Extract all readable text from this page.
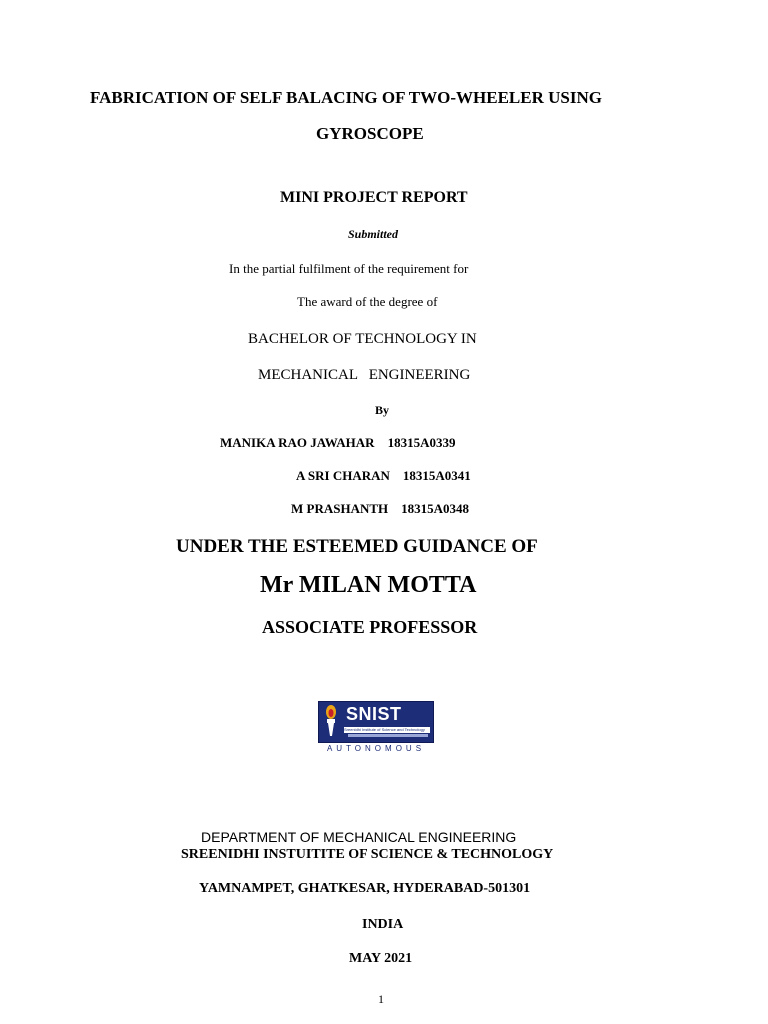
FABRICATION OF SELF BALACING OF TWO-WHEELER USING
GYROSCOPE
MINI PROJECT REPORT
Submitted
In the partial fulfilment of the requirement for
The award of the degree of
BACHELOR OF TECHNOLOGY IN
MECHANICAL   ENGINEERING
By
MANIKA RAO JAWAHAR 18315A0339
A SRI CHARAN 18315A0341
M PRASHANTH 18315A0348
UNDER THE ESTEEMED GUIDANCE OF
Mr MILAN MOTTA
ASSOCIATE PROFESSOR
SNIST
Sreenidhi Institute of Science and Technology
AUTONOMOUS
DEPARTMENT OF MECHANICAL ENGINEERING
SREENIDHI INSTUITITE OF SCIENCE & TECHNOLOGY
YAMNAMPET, GHATKESAR, HYDERABAD-501301
INDIA
MAY 2021
1
